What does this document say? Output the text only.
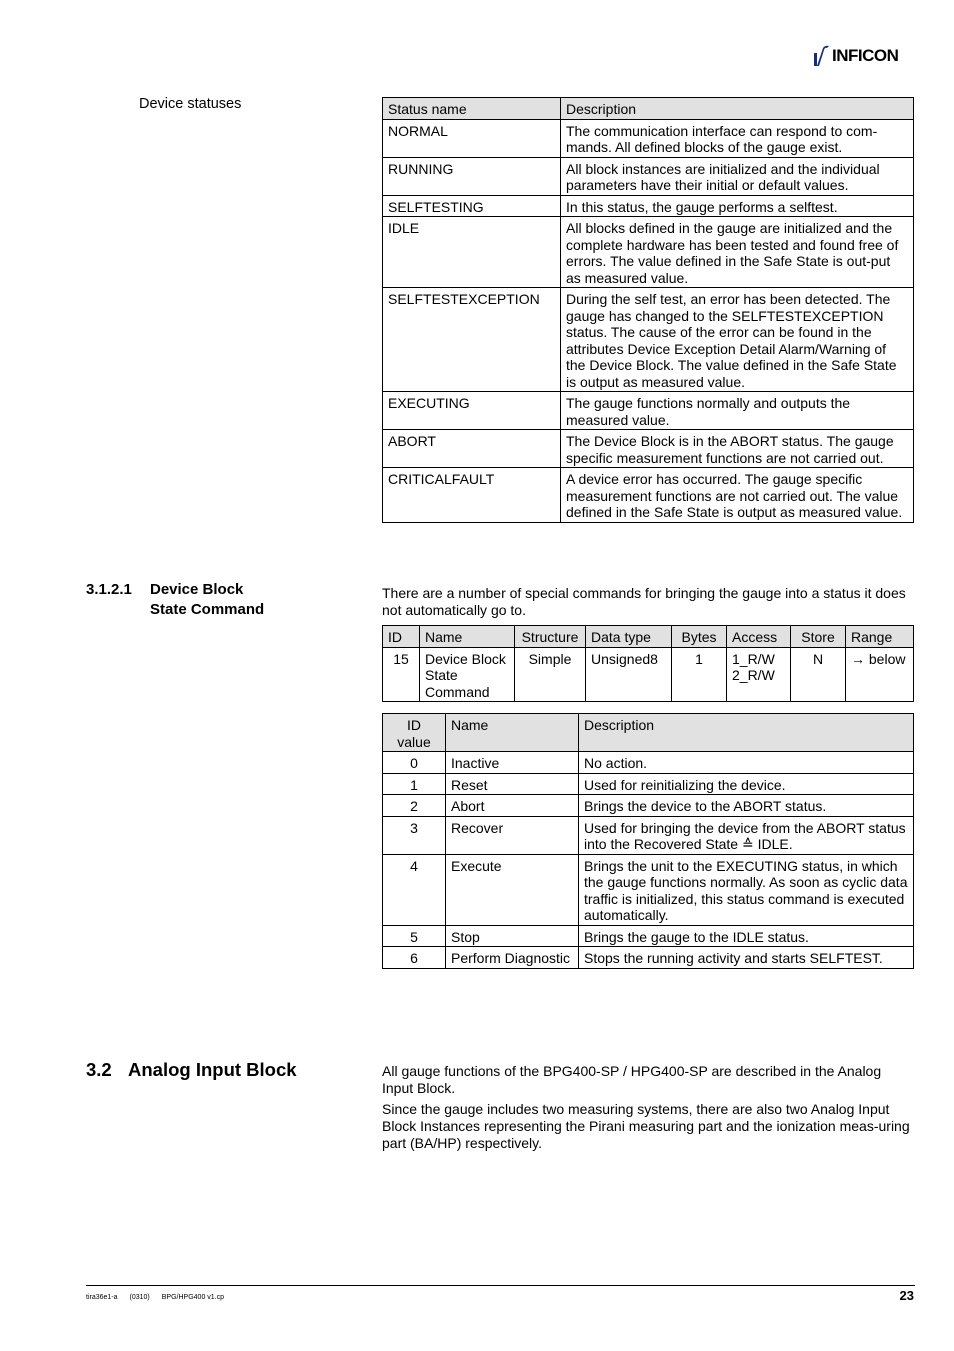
INFICON
Device statuses	Status name	Description
NORMAL	The communication interface can respond to com-mands. All defined blocks of the gauge exist.
RUNNING	All block instances are initialized and the individual parameters have their initial or default values.
SELFTESTING	In this status, the gauge performs a selftest.
IDLE	All blocks defined in the gauge are initialized and the complete hardware has been tested and found free of errors. The value defined in the Safe State is out-put as measured value.
SELFTESTEXCEPTION	During the self test, an error has been detected. The gauge has changed to the SELFTESTEXCEPTION status. The cause of the error can be found in the attributes Device Exception Detail Alarm/Warning of the Device Block. The value defined in the Safe State is output as measured value.
EXECUTING	The gauge functions normally and outputs the measured value.
ABORT	The Device Block is in the ABORT status. The gauge specific measurement functions are not carried out.
CRITICALFAULT	A device error has occurred. The gauge specific measurement functions are not carried out. The value defined in the Safe State is output as measured value.
3.1.2.1 Device Block
State Command
There are a number of special commands for bringing the gauge into a status it does not automatically go to.
ID	Name	Structure	Data type	Bytes	Access	Store	Range
15	Device Block State Command	Simple	Unsigned8	1	1_R/W 2_R/W	N	→ below
ID value	Name	Description
0	Inactive	No action.
1	Reset	Used for reinitializing the device.
2	Abort	Brings the device to the ABORT status.
3	Recover	Used for bringing the device from the ABORT status into the Recovered State ≙ IDLE.
4	Execute	Brings the unit to the EXECUTING status, in which the gauge functions normally. As soon as cyclic data traffic is initialized, this status command is executed automatically.
5	Stop	Brings the gauge to the IDLE status.
6	Perform Diagnostic	Stops the running activity and starts SELFTEST.
3.2 Analog Input Block	All gauge functions of the BPG400-SP / HPG400-SP are described in the Analog Input Block.
Since the gauge includes two measuring systems, there are also two Analog Input Block Instances representing the Pirani measuring part and the ionization meas-uring part (BA/HP) respectively.
tira36e1-a (0310) BPG/HPG400 v1.cp	23
